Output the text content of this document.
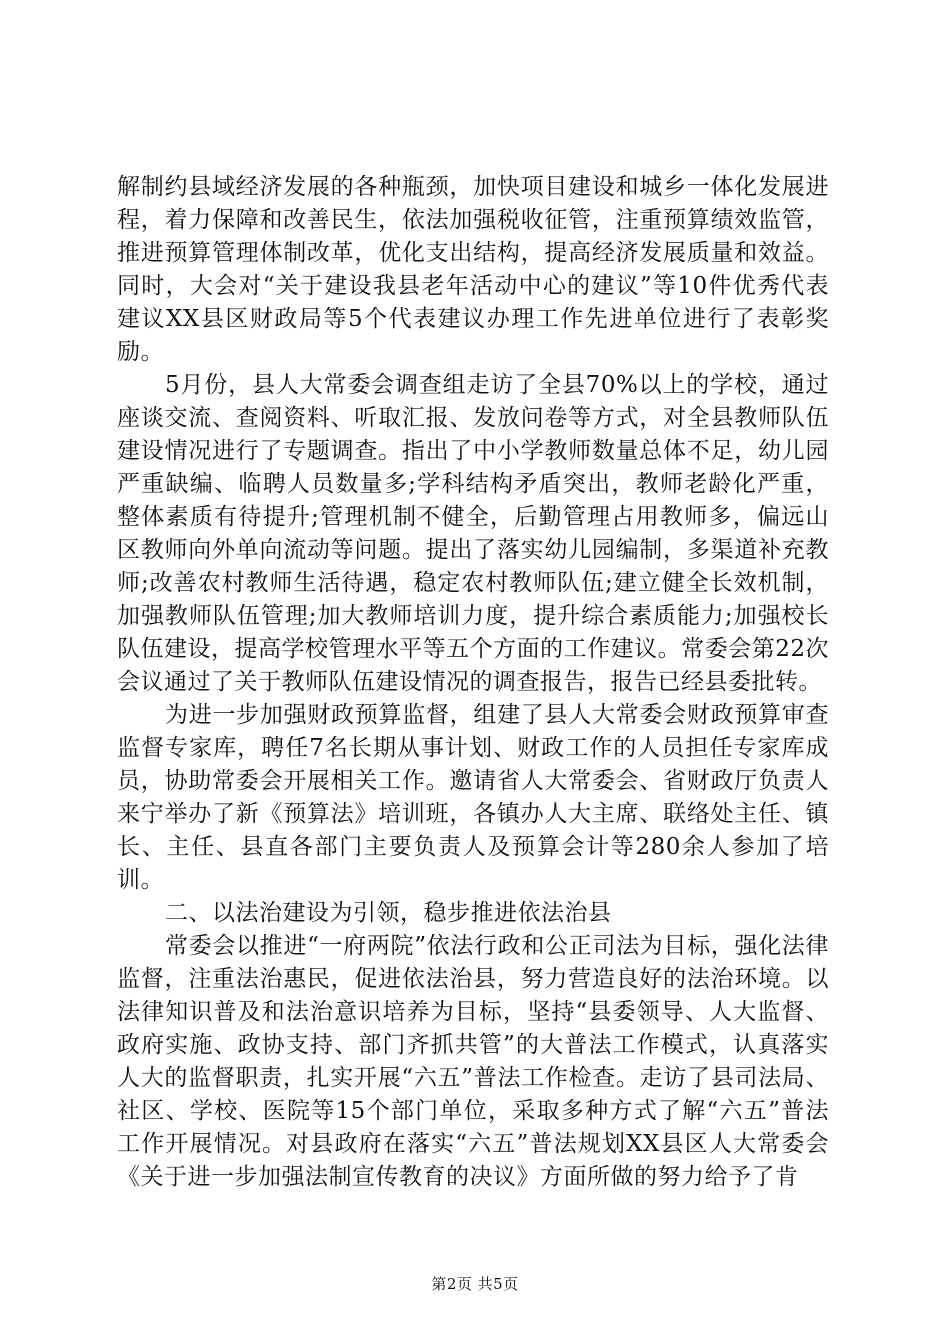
解制约县域经济发展的各种瓶颈，加快项目建设和城乡一体化发展进程，着力保障和改善民生，依法加强税收征管，注重预算绩效监管，推进预算管理体制改革，优化支出结构，提高经济发展质量和效益。同时，大会对“关于建设我县老年活动中心的建议”等10件优秀代表建议XX县区财政局等5个代表建议办理工作先进单位进行了表彰奖励。

5月份，县人大常委会调查组走访了全县70%以上的学校，通过座谈交流、查阅资料、听取汇报、发放问卷等方式，对全县教师队伍建设情况进行了专题调查。指出了中小学教师数量总体不足，幼儿园严重缺编、临聘人员数量多;学科结构矛盾突出，教师老龄化严重，整体素质有待提升;管理机制不健全，后勤管理占用教师多，偏远山区教师向外单向流动等问题。提出了落实幼儿园编制，多渠道补充教师;改善农村教师生活待遇，稳定农村教师队伍;建立健全长效机制，加强教师队伍管理;加大教师培训力度，提升综合素质能力;加强校长队伍建设，提高学校管理水平等五个方面的工作建议。常委会第22次会议通过了关于教师队伍建设情况的调查报告，报告已经县委批转。

为进一步加强财政预算监督，组建了县人大常委会财政预算审查监督专家库，聘任7名长期从事计划、财政工作的人员担任专家库成员，协助常委会开展相关工作。邀请省人大常委会、省财政厅负责人来宁举办了新《预算法》培训班，各镇办人大主席、联络处主任、镇长、主任、县直各部门主要负责人及预算会计等280余人参加了培训。

二、以法治建设为引领，稳步推进依法治县

常委会以推进“一府两院”依法行政和公正司法为目标，强化法律监督，注重法治惠民，促进依法治县，努力营造良好的法治环境。以法律知识普及和法治意识培养为目标，坚持“县委领导、人大监督、政府实施、政协支持、部门齐抓共管”的大普法工作模式，认真落实人大的监督职责，扎实开展“六五”普法工作检查。走访了县司法局、社区、学校、医院等15个部门单位，采取多种方式了解“六五”普法工作开展情况。对县政府在落实“六五”普法规划XX县区人大常委会《关于进一步加强法制宣传教育的决议》方面所做的努力给予了肯

第2页 共5页
